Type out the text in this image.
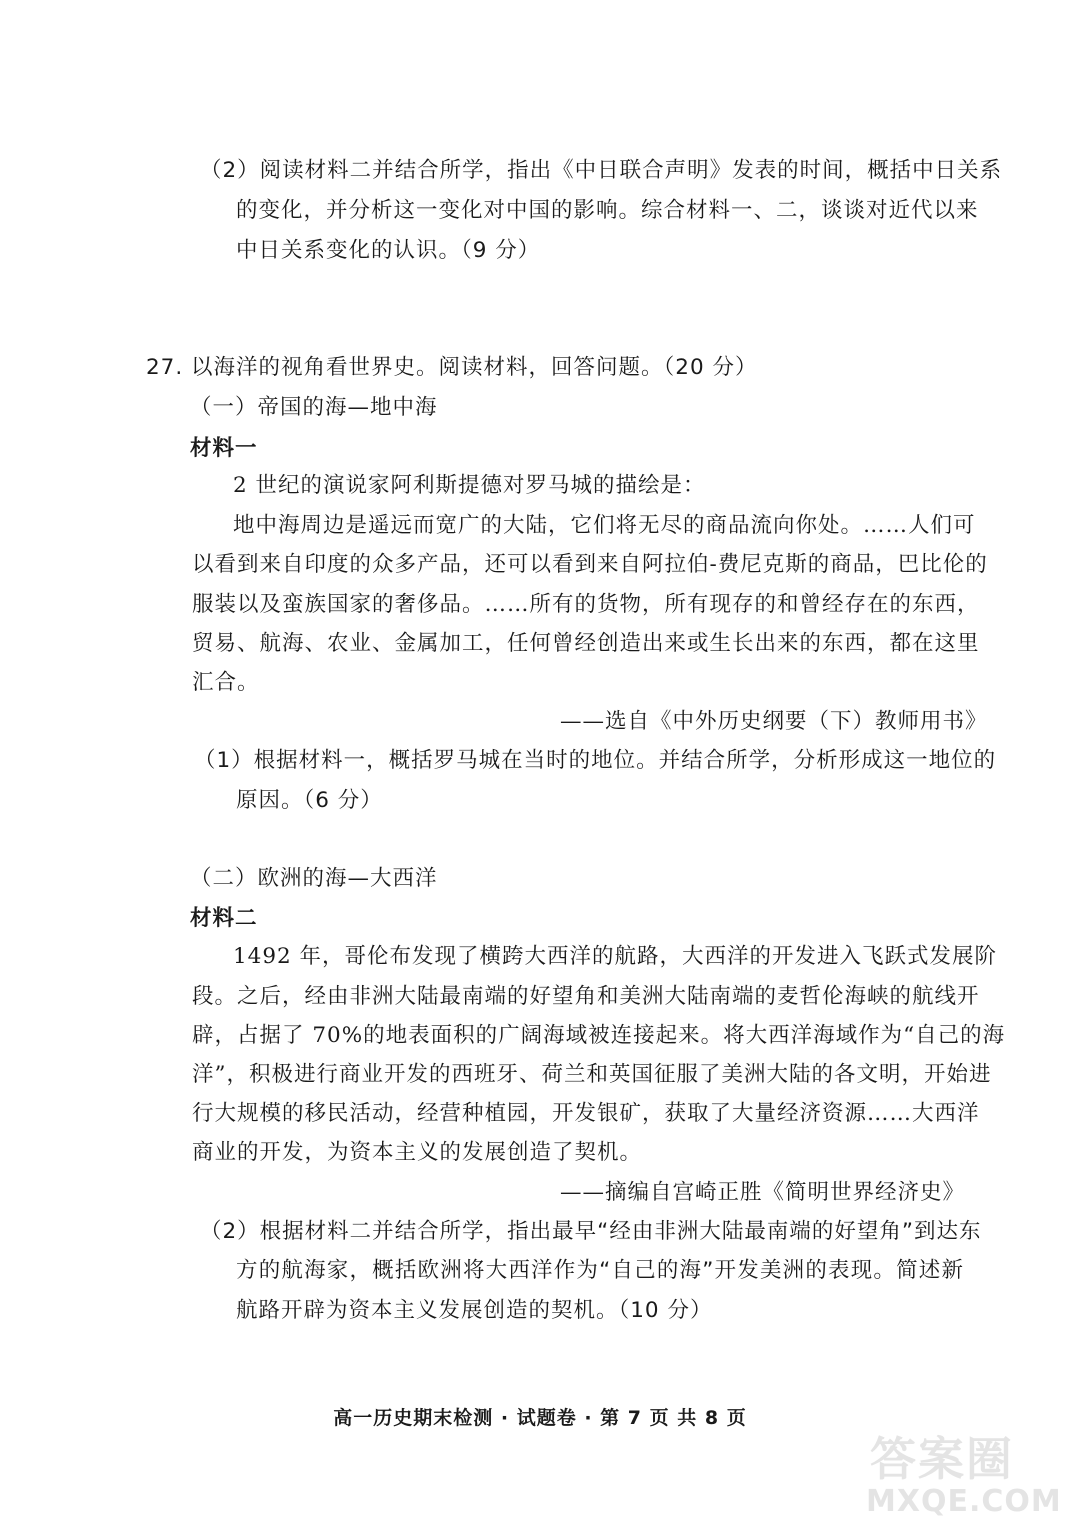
（2）阅读材料二并结合所学，指出《中日联合声明》发表的时间，概括中日关系
的变化，并分析这一变化对中国的影响。综合材料一、二，谈谈对近代以来
中日关系变化的认识。（9 分）
27. 以海洋的视角看世界史。阅读材料，回答问题。（20 分）
（一）帝国的海—地中海
材料一
2 世纪的演说家阿利斯提德对罗马城的描绘是：
地中海周边是遥远而宽广的大陆，它们将无尽的商品流向你处。……人们可
以看到来自印度的众多产品，还可以看到来自阿拉伯-费尼克斯的商品，巴比伦的
服装以及蛮族国家的奢侈品。……所有的货物，所有现存的和曾经存在的东西，
贸易、航海、农业、金属加工，任何曾经创造出来或生长出来的东西，都在这里
汇合。
——选自《中外历史纲要（下）教师用书》
（1）根据材料一，概括罗马城在当时的地位。并结合所学，分析形成这一地位的
原因。（6 分）
（二）欧洲的海—大西洋
材料二
1492 年，哥伦布发现了横跨大西洋的航路，大西洋的开发进入飞跃式发展阶
段。之后，经由非洲大陆最南端的好望角和美洲大陆南端的麦哲伦海峡的航线开
辟，占据了 70%的地表面积的广阔海域被连接起来。将大西洋海域作为“自己的海
洋”，积极进行商业开发的西班牙、荷兰和英国征服了美洲大陆的各文明，开始进
行大规模的移民活动，经营种植园，开发银矿，获取了大量经济资源……大西洋
商业的开发，为资本主义的发展创造了契机。
——摘编自宫崎正胜《简明世界经济史》
（2）根据材料二并结合所学，指出最早“经由非洲大陆最南端的好望角”到达东
方的航海家，概括欧洲将大西洋作为“自己的海”开发美洲的表现。简述新
航路开辟为资本主义发展创造的契机。（10 分）
高一历史期末检测 · 试题卷 · 第 7 页 共 8 页
答案圈
MXQE.COM
